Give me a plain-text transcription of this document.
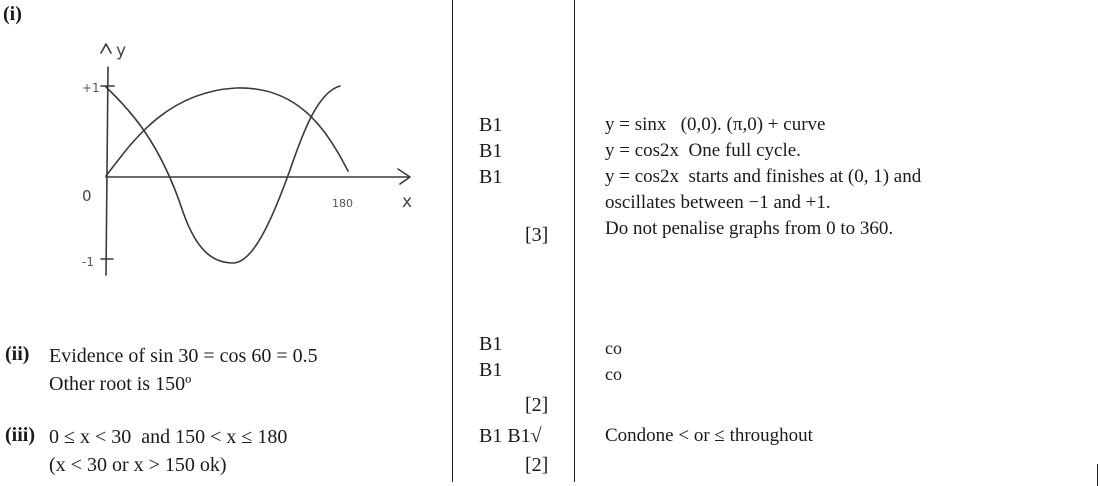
(i)
y
+1
0
-1
180	x
B1
B1
B1
[3]
y = sinx   (0,0). (π,0) + curve
y = cos2x  One full cycle.
y = cos2x  starts and finishes at (0, 1) and
oscillates between −1 and +1.
Do not penalise graphs from 0 to 360.
(ii) Evidence of sin 30 = cos 60 = 0.5
Other root is 150º
B1
B1
[2]
co
co
(iii) 0 ≤ x < 30  and 150 < x ≤ 180
(x < 30 or x > 150 ok)
B1 B1√
[2]
Condone < or ≤ throughout
